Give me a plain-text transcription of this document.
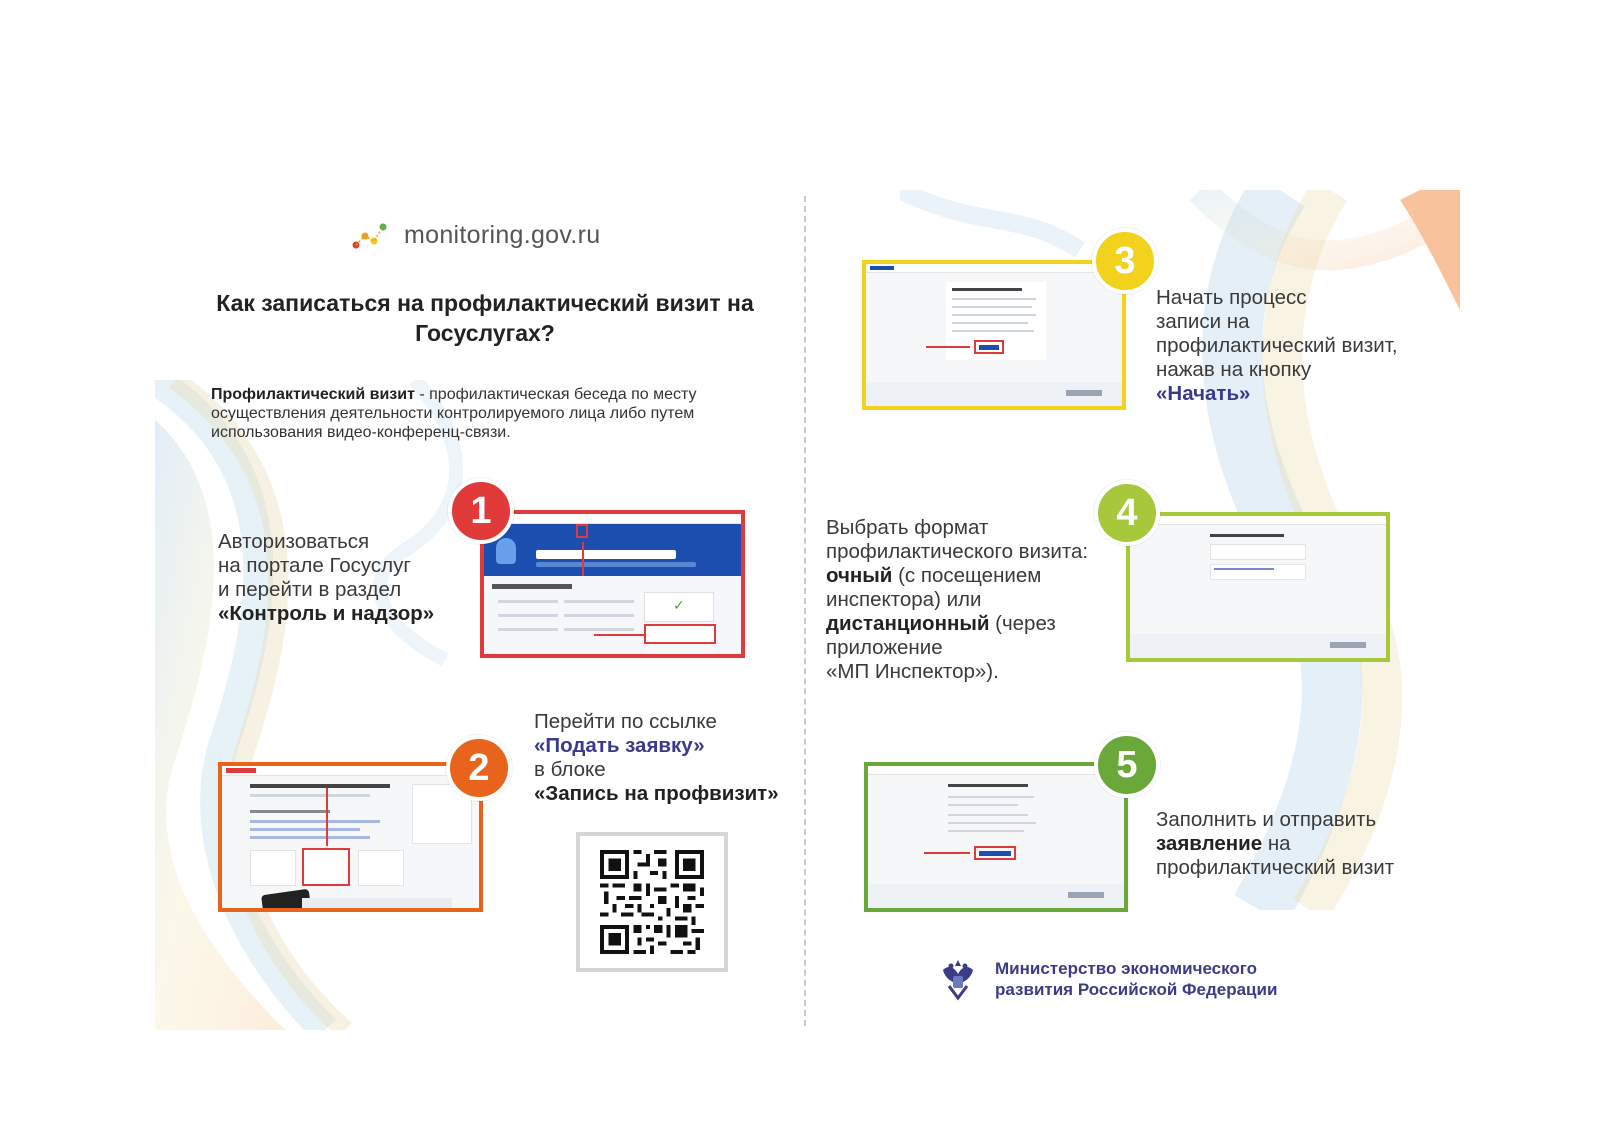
monitoring.gov.ru
Как записаться на профилактический визит на Госуслугах?
Профилактический визит - профилактическая беседа по месту осуществления деятельности контролируемого лица либо путем использования видео-конференц-связи.
Авторизоваться
на портале Госуслуг
и перейти в раздел
«Контроль и надзор»	✓
1
2
Перейти по ссылке
«Подать заявку»
в блоке
«Запись на профвизит»
3
Начать процесс
записи на
профилактический визит,
нажав на кнопку
«Начать»
Выбрать формат
профилактического визита:
очный (с посещением
инспектора) или
дистанционный (через
приложение
«МП Инспектор»).
4
5
Заполнить и отправить
заявление на
профилактический визит
Министерство экономического
развития Российской Федерации
